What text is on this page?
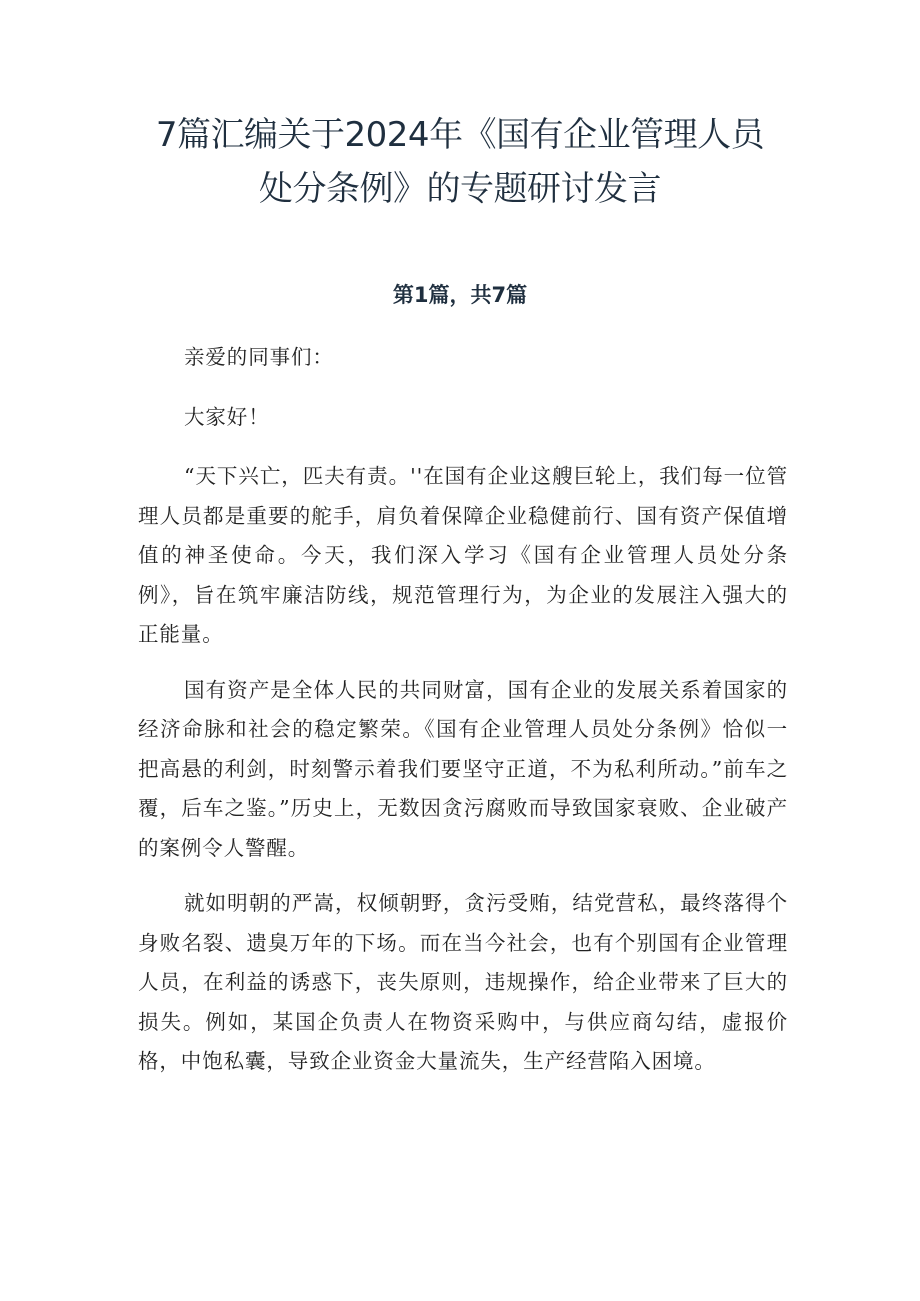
7篇汇编关于2024年《国有企业管理人员
处分条例》的专题研讨发言
第1篇，共7篇

亲爱的同事们：

大家好！

“天下兴亡，匹夫有责。''在国有企业这艘巨轮上，我们每一位管理人员都是重要的舵手，肩负着保障企业稳健前行、国有资产保值增值的神圣使命。今天，我们深入学习《国有企业管理人员处分条例》，旨在筑牢廉洁防线，规范管理行为，为企业的发展注入强大的正能量。

国有资产是全体人民的共同财富，国有企业的发展关系着国家的经济命脉和社会的稳定繁荣。《国有企业管理人员处分条例》恰似一把高悬的利剑，时刻警示着我们要坚守正道，不为私利所动。”前车之覆，后车之鉴。”历史上，无数因贪污腐败而导致国家衰败、企业破产的案例令人警醒。

就如明朝的严嵩，权倾朝野，贪污受贿，结党营私，最终落得个身败名裂、遗臭万年的下场。而在当今社会，也有个别国有企业管理人员，在利益的诱惑下，丧失原则，违规操作，给企业带来了巨大的损失。例如，某国企负责人在物资采购中，与供应商勾结，虚报价格，中饱私囊，导致企业资金大量流失，生产经营陷入困境。
